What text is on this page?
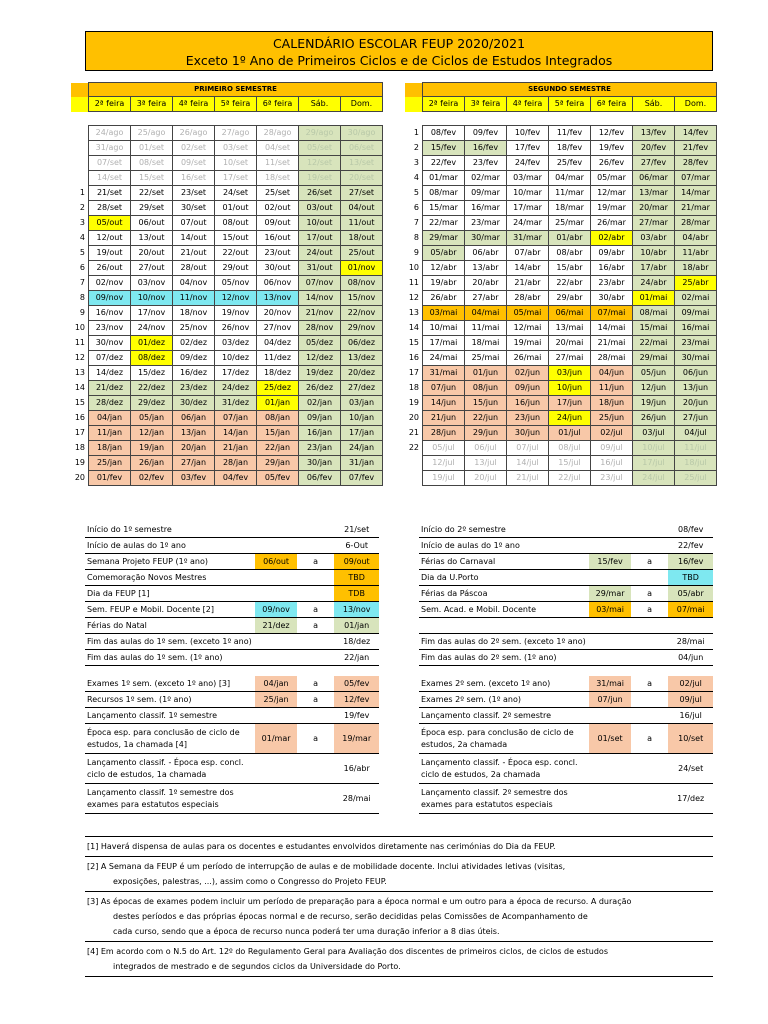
CALENDÁRIO ESCOLAR FEUP 2020/2021
Exceto 1º Ano de Primeiros Ciclos e de Ciclos de Estudos Integrados
	PRIMEIRO SEMESTRE						
	2ª feira	3ª feira	4ª feira	5ª feira	6ª feira	Sáb.	Dom.

	24/ago	25/ago	26/ago	27/ago	28/ago	29/ago	30/ago
	31/ago	01/set	02/set	03/set	04/set	05/set	06/set
	07/set	08/set	09/set	10/set	11/set	12/set	13/set
	14/set	15/set	16/set	17/set	18/set	19/set	20/set
1	21/set	22/set	23/set	24/set	25/set	26/set	27/set
2	28/set	29/set	30/set	01/out	02/out	03/out	04/out
3	05/out	06/out	07/out	08/out	09/out	10/out	11/out
4	12/out	13/out	14/out	15/out	16/out	17/out	18/out
5	19/out	20/out	21/out	22/out	23/out	24/out	25/out
6	26/out	27/out	28/out	29/out	30/out	31/out	01/nov
7	02/nov	03/nov	04/nov	05/nov	06/nov	07/nov	08/nov
8	09/nov	10/nov	11/nov	12/nov	13/nov	14/nov	15/nov
9	16/nov	17/nov	18/nov	19/nov	20/nov	21/nov	22/nov
10	23/nov	24/nov	25/nov	26/nov	27/nov	28/nov	29/nov
11	30/nov	01/dez	02/dez	03/dez	04/dez	05/dez	06/dez
12	07/dez	08/dez	09/dez	10/dez	11/dez	12/dez	13/dez
13	14/dez	15/dez	16/dez	17/dez	18/dez	19/dez	20/dez
14	21/dez	22/dez	23/dez	24/dez	25/dez	26/dez	27/dez
15	28/dez	29/dez	30/dez	31/dez	01/jan	02/jan	03/jan
16	04/jan	05/jan	06/jan	07/jan	08/jan	09/jan	10/jan
17	11/jan	12/jan	13/jan	14/jan	15/jan	16/jan	17/jan
18	18/jan	19/jan	20/jan	21/jan	22/jan	23/jan	24/jan
19	25/jan	26/jan	27/jan	28/jan	29/jan	30/jan	31/jan
20	01/fev	02/fev	03/fev	04/fev	05/fev	06/fev	07/fev
	SEGUNDO SEMESTRE						
	2ª feira	3ª feira	4ª feira	5ª feira	6ª feira	Sáb.	Dom.

1	08/fev	09/fev	10/fev	11/fev	12/fev	13/fev	14/fev
2	15/fev	16/fev	17/fev	18/fev	19/fev	20/fev	21/fev
3	22/fev	23/fev	24/fev	25/fev	26/fev	27/fev	28/fev
4	01/mar	02/mar	03/mar	04/mar	05/mar	06/mar	07/mar
5	08/mar	09/mar	10/mar	11/mar	12/mar	13/mar	14/mar
6	15/mar	16/mar	17/mar	18/mar	19/mar	20/mar	21/mar
7	22/mar	23/mar	24/mar	25/mar	26/mar	27/mar	28/mar
8	29/mar	30/mar	31/mar	01/abr	02/abr	03/abr	04/abr
9	05/abr	06/abr	07/abr	08/abr	09/abr	10/abr	11/abr
10	12/abr	13/abr	14/abr	15/abr	16/abr	17/abr	18/abr
11	19/abr	20/abr	21/abr	22/abr	23/abr	24/abr	25/abr
12	26/abr	27/abr	28/abr	29/abr	30/abr	01/mai	02/mai
13	03/mai	04/mai	05/mai	06/mai	07/mai	08/mai	09/mai
14	10/mai	11/mai	12/mai	13/mai	14/mai	15/mai	16/mai
15	17/mai	18/mai	19/mai	20/mai	21/mai	22/mai	23/mai
16	24/mai	25/mai	26/mai	27/mai	28/mai	29/mai	30/mai
17	31/mai	01/jun	02/jun	03/jun	04/jun	05/jun	06/jun
18	07/jun	08/jun	09/jun	10/jun	11/jun	12/jun	13/jun
19	14/jun	15/jun	16/jun	17/jun	18/jun	19/jun	20/jun
20	21/jun	22/jun	23/jun	24/jun	25/jun	26/jun	27/jun
21	28/jun	29/jun	30/jun	01/jul	02/jul	03/jul	04/jul
22	05/jul	06/jul	07/jul	08/jul	09/jul	10/jul	11/jul
	12/jul	13/jul	14/jul	15/jul	16/jul	17/jul	18/jul
	19/jul	20/jul	21/jul	22/jul	23/jul	24/jul	25/jul
Início do 1º semestre			21/set
Início de aulas do 1º ano			6-Out
Semana Projeto FEUP (1º ano)	06/out	a	09/out
Comemoração Novos Mestres			TBD
Dia da FEUP [1]			TDB
Sem. FEUP e Mobil. Docente [2]	09/nov	a	13/nov
Férias do Natal	21/dez	a	01/jan
Fim das aulas do 1º sem. (exceto 1º ano)			18/dez
Fim das aulas do 1º sem. (1º ano)			22/jan

Exames 1º sem. (exceto 1º ano) [3]	04/jan	a	05/fev
Recursos 1º sem. (1º ano)	25/jan	a	12/fev
Lançamento classif. 1º semestre			19/fev
Época esp. para conclusão de ciclo de estudos, 1a chamada [4]	01/mar	a	19/mar
Lançamento classif. - Época esp. concl. ciclo de estudos, 1a chamada			16/abr
Lançamento classif. 1º semestre dos exames para estatutos especiais			28/mai
Início do 2º semestre			08/fev
Início de aulas do 1º ano			22/fev
Férias do Carnaval	15/fev	a	16/fev
Dia da U.Porto			TBD
Férias da Páscoa	29/mar	a	05/abr
Sem. Acad. e Mobil. Docente	03/mai	a	07/mai

Fim das aulas do 2º sem. (exceto 1º ano)			28/mai
Fim das aulas do 2º sem. (1º ano)			04/jun

Exames 2º sem. (exceto 1º ano)	31/mai	a	02/jul
Exames 2º sem. (1º ano)	07/jun		09/jul
Lançamento classif. 2º semestre			16/jul
Época esp. para conclusão de ciclo de estudos, 2a chamada	01/set	a	10/set
Lançamento classif. - Época esp. concl. ciclo de estudos, 2a chamada			24/set
Lançamento classif. 2º semestre dos exames para estatutos especiais			17/dez
[1] Haverá dispensa de aulas para os docentes e estudantes envolvidos diretamente nas cerimónias do Dia da FEUP.
[2] A Semana da FEUP é um período de interrupção de aulas e de mobilidade docente. Inclui atividades letivas (visitas,
exposições, palestras, ...), assim como o Congresso do Projeto FEUP.

[3] As épocas de exames podem incluir um período de preparação para a época normal e um outro para a época de recurso. A duração
destes períodos e das próprias épocas normal e de recurso, serão decididas pelas Comissões de Acompanhamento de
cada curso, sendo que a época de recurso nunca poderá ter uma duração inferior a 8 dias úteis.

[4] Em acordo com o N.5 do Art. 12º do Regulamento Geral para Avaliação dos discentes de primeiros ciclos, de ciclos de estudos
integrados de mestrado e de segundos ciclos da Universidade do Porto.
